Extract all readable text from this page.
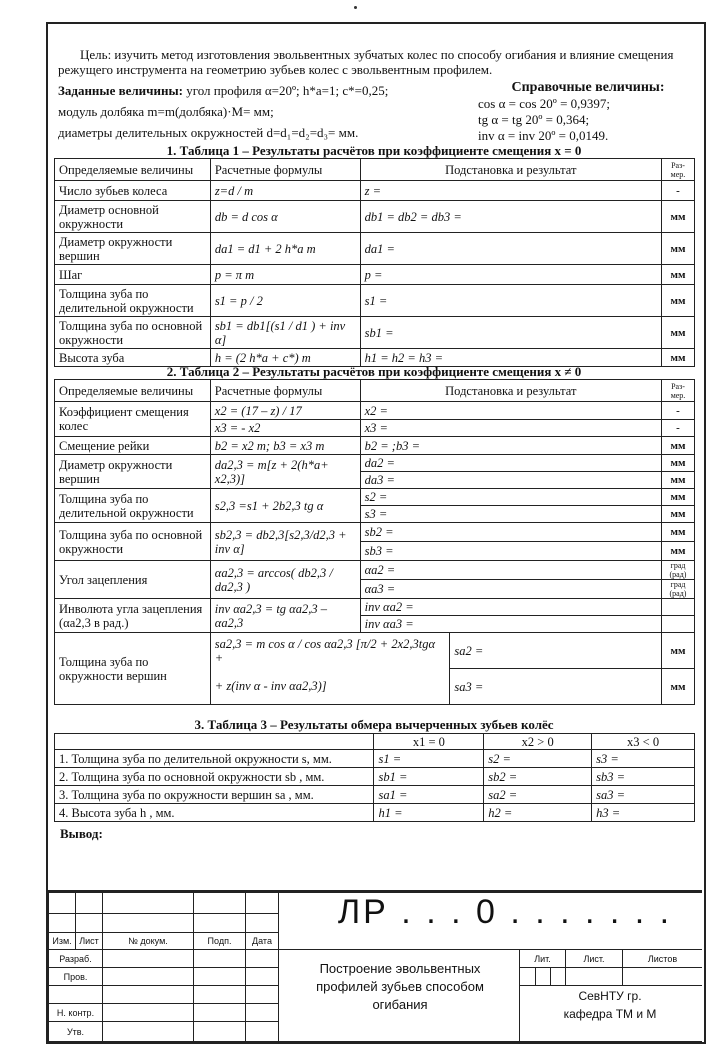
Цель: изучить метод изготовления эвольвентных зубчатых колес по способу огибания и влияние смещения режущего инструмента на геометрию зубьев колес с эвольвентным профилем.

Заданные величины: угол профиля α=20º; h*a=1; c*=0,25;
модуль долбяка m=m(долбяка)·M= мм;
диаметры делительных окружностей d=d₁=d₂=d₃= мм.
Справочные величины:
cos α = cos 20º = 0,9397;
tg α = tg 20º = 0,364;
inv α = inv 20º = 0,0149.
1. Таблица 1 – Результаты расчётов при коэффициенте смещения x = 0
Определяемые величины	Расчетные формулы	Подстановка и результат	Раз-мер.
Число зубьев колеса	z=d / m	z =	-
Диаметр основной окружности	db = d cos α	db1 = db2 = db3 =	мм
Диаметр окружности вершин	da1 = d1 + 2 h*a m	da1 =	мм
Шаг	p = π m	p =	мм
Толщина зуба по делительной окружности	s1 = p / 2	s1 =	мм
Толщина зуба по основной окружности	sb1 = db1[(s1 / d1 ) + inv α]	sb1 =	мм
Высота зуба	h = (2 h*a + c*) m	h1 = h2 = h3 =	мм
2. Таблица 2 – Результаты расчётов при коэффициенте смещения x ≠ 0
Определяемые величины	Расчетные формулы	Подстановка и результат		Раз-мер.
Коэффициент смещения колес	x2 = (17 – z) / 17	x2 =		-
	x3 = - x2	x3 =		-
Смещение рейки	b2 = x2 m; b3 = x3 m	b2 = ;b3 =		мм
Диаметр окружности вершин	da2,3 = m[z + 2(h*a+ x2,3)]	da2 =		мм
		da3 =		мм
Толщина зуба по делительной окружности	s2,3 =s1 + 2b2,3 tg α	s2 =		мм
		s3 =		мм
Толщина зуба по основной окружности	sb2,3 = db2,3[s2,3/d2,3 + inv α]	sb2 =		мм
		sb3 =		мм
Угол зацепления	αa2,3 = arccos( db2,3 / da2,3 )	αa2 =		град (рад)
		αa3 =		град (рад)
Инволюта угла зацепления (αa2,3 в рад.)	inv αa2,3 = tg αa2,3 – αa2,3	inv αa2 =		
		inv αa3 =		
Толщина зуба по окружности вершин	sa2,3 = m cos α / cos αa2,3 [π/2 + 2x2,3tgα +		sa2 =	мм
	+ z(inv α - inv αa2,3)]		sa3 =	мм
3. Таблица 3 – Результаты обмера вычерченных зубьев колёс
	x1 = 0	x2 > 0	x3 < 0
1. Толщина зуба по делительной окружности s, мм.	s1 =	s2 =	s3 =
2. Толщина зуба по основной окружности sb , мм.	sb1 =	sb2 =	sb3 =
3. Толщина зуба по окружности вершин sa , мм.	sa1 =	sa2 =	sa3 =
4. Высота зуба h , мм.	h1 =	h2 =	h3 =
Вывод:
Изм. Лист	№ докум.	Подп.	Дата
Разраб.
Пров.
Н. контр.
Утв.
Лит.	Лист.	Листов
ЛР . . . 0 . . . . . . .
Построение эвольвентных
профилей зубьев способом
огибания
СевНТУ гр.
кафедра ТМ и М
